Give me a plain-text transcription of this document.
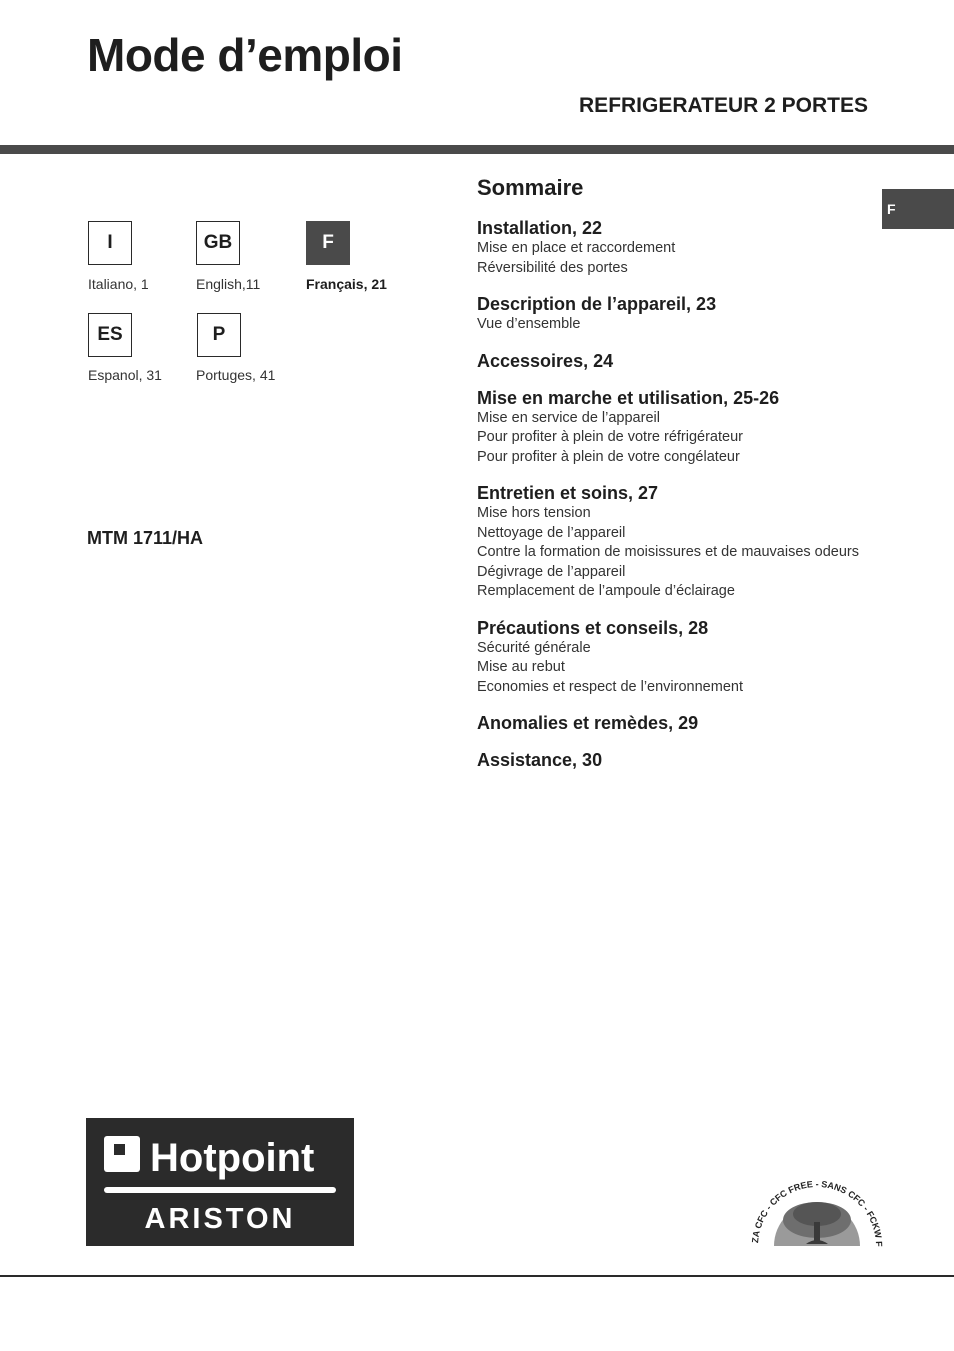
Mode d’emploi
REFRIGERATEUR 2 PORTES
F
I
Italiano, 1
GB
English,11
F
Français, 21
ES
Espanol, 31
P
Portuges, 41
MTM 1711/HA
Sommaire
Installation, 22
Mise en place et raccordement
Réversibilité des portes
Description de l’appareil, 23
Vue d’ensemble
Accessoires, 24
Mise en marche et utilisation, 25-26
Mise en service de l’appareil
Pour profiter à plein de votre réfrigérateur
Pour profiter à plein de votre congélateur
Entretien et soins, 27
Mise hors tension
Nettoyage de l’appareil
Contre la formation de moisissures et de mauvaises odeurs
Dégivrage de l’appareil
Remplacement de l’ampoule d’éclairage
Précautions et conseils, 28
Sécurité générale
Mise au rebut
Economies et respect de l’environnement
Anomalies et remèdes, 29
Assistance, 30
Hotpoint
ARISTON
ZA CFC - CFC FREE - SANS CFC - FCKW F
